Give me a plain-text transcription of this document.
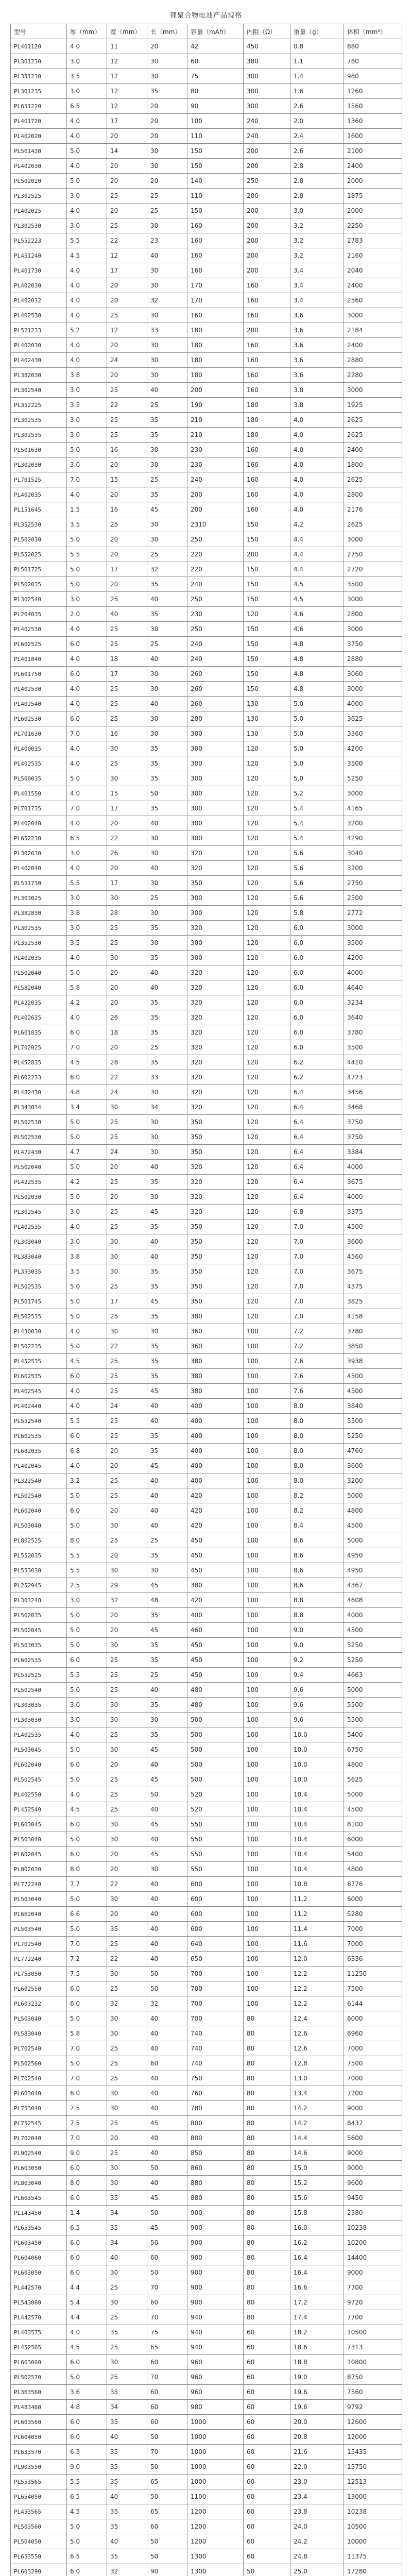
锂聚合物电池产品规格
型号	厚（mm）	宽（mm）	长（mm）	容量（mAh）	内阻（Ω）	重量（g）	体积（mm³）
PL401120	4.0	11	20	42	450	0.8	880
PL301230	3.0	12	30	60	380	1.1	780
PL351230	3.5	12	30	75	300	1.4	980
PL301235	3.0	12	35	80	300	1.6	1260
PL651220	6.5	12	20	90	300	2.6	1560
PL401720	4.0	17	20	100	240	2.0	1360
PL402020	4.0	20	20	110	240	2.4	1600
PL501430	5.0	14	30	150	200	2.6	2100
PL402030	4.0	20	30	150	200	2.8	2400
PL502020	5.0	20	20	140	250	2.8	2000
PL302525	3.0	25	25	110	200	2.8	1875
PL402025	4.0	20	25	150	200	3.0	2000
PL302530	3.0	25	30	160	200	3.2	2250
PL552223	5.5	22	23	160	200	3.2	2783
PL451240	4.5	12	40	160	200	3.2	2160
PL401730	4.0	17	30	160	200	3.4	2040
PL402030	4.0	20	30	170	160	3.4	2400
PL402032	4.0	20	32	170	160	3.4	2560
PL402530	4.0	25	30	160	160	3.6	3000
PL521233	5.2	12	33	180	200	3.6	2184
PL402030	4.0	20	30	180	160	3.6	2400
PL402430	4.0	24	30	180	160	3.6	2880
PL382030	3.8	20	30	180	160	3.6	2280
PL302540	3.0	25	40	200	160	3.8	3000
PL352225	3.5	22	25	190	180	3.8	1925
PL302535	3.0	25	35	210	180	4.0	2625
PL302535	3.0	25	35	210	180	4.0	2625
PL501630	5.0	16	30	230	160	4.0	2400
PL302030	3.0	20	30	230	160	4.0	1800
PL701525	7.0	15	25	240	160	4.0	2625
PL402035	4.0	20	35	200	160	4.0	2800
PL151645	1.5	16	45	200	160	4.0	2176
PL352530	3.5	25	30	2310	150	4.2	2625
PL502030	5.0	20	30	250	150	4.4	3000
PL552025	5.5	20	25	220	200	4.4	2750
PL501725	5.0	17	32	220	150	4.4	2720
PL502035	5.0	20	35	240	150	4.5	3500
PL302540	3.0	25	40	250	150	4.5	3000
PL204035	2.0	40	35	230	120	4.6	2800
PL402530	4.0	25	30	250	150	4.6	3000
PL602525	6.0	25	25	240	150	4.8	3750
PL401840	4.0	18	40	240	150	4.8	2880
PL601750	6.0	17	30	260	150	4.8	3060
PL402530	4.0	25	30	260	150	4.8	3000
PL402540	4.0	25	40	260	130	5.0	4000
PL602530	6.0	25	30	280	130	5.0	3625
PL701630	7.0	16	30	300	130	5.0	3360
PL400035	4.0	30	35	300	120	5.0	4200
PL402535	4.0	25	35	300	120	5.0	3500
PL500035	5.0	30	35	300	120	5.0	5250
PL401550	4.0	15	50	300	120	5.2	3000
PL701735	7.0	17	35	300	120	5.4	4165
PL402040	4.0	20	40	300	120	5.4	3200
PL652230	6.5	22	30	300	120	5.4	4290
PL302630	3.0	26	30	320	120	5.6	3040
PL402040	4.0	20	40	320	120	5.6	3200
PL551730	5.5	17	30	350	120	5.6	2750
PL303025	3.0	30	25	300	120	5.6	2500
PL382830	3.8	28	30	300	120	5.8	2772
PL302535	3.0	25	35	320	120	6.0	3000
PL352530	3.5	25	30	300	120	6.0	3500
PL402035	4.0	30	35	300	120	6.0	4200
PL502040	5.0	20	40	320	120	6.0	4000
PL582040	5.8	20	40	320	120	6.0	4640
PL422035	4.2	20	35	320	120	6.0	3234
PL402635	4.0	26	35	320	120	6.0	3640
PL601835	6.0	18	35	320	120	6.0	3780
PL702025	7.0	20	25	320	120	6.0	3500
PL452835	4.5	28	35	320	120	6.2	4410
PL602233	6.0	22	33	320	120	6.2	4723
PL482430	4.8	24	30	320	120	6.4	3456
PL343034	3.4	30	34	320	120	6.4	3468
PL502530	5.0	25	30	350	120	6.4	3750
PL502530	5.0	25	30	350	120	6.4	3750
PL472430	4.7	24	30	350	120	6.4	3384
PL502040	5.0	20	40	320	120	6.4	4000
PL422535	4.2	25	35	320	120	6.4	3675
PL502030	5.0	20	30	320	120	6.4	4000
PL302545	3.0	25	45	320	120	6.8	3375
PL402535	4.0	25	35	350	120	7.0	4500
PL303040	3.0	30	40	350	120	7.0	3600
PL383040	3.8	30	40	350	120	7.0	4560
PL353035	3.5	30	35	350	120	7.0	3675
PL502535	5.0	25	35	350	120	7.0	4375
PL501745	5.0	17	45	350	120	7.0	3825
PL502535	5.0	25	35	380	120	7.0	4158
PL430030	4.0	30	30	360	100	7.2	3780
PL502235	5.0	22	35	360	100	7.2	3850
PL452535	4.5	25	35	380	100	7.6	3938
PL602535	6.0	25	35	380	100	7.6	4500
PL402545	4.0	25	45	380	100	7.6	4500
PL402440	4.0	24	40	400	100	8.0	3840
PL552540	5.5	25	40	400	100	8.0	5500
PL602535	6.0	25	35	400	100	8.0	5250
PL682035	6.8	20	35	400	100	8.0	4760
PL402045	4.0	20	45	400	100	8.0	3600
PL322540	3.2	25	40	400	100	8.0	3200
PL502540	5.0	25	40	420	100	8.2	5000
PL602040	6.0	20	40	420	100	8.2	4800
PL503040	5.0	30	40	420	100	8.4	4500
PL802525	8.0	25	25	450	100	8.6	5000
PL552035	5.5	20	35	450	100	8.6	4950
PL553030	5.5	30	30	450	100	8.6	4950
PL252945	2.5	29	45	380	100	8.6	4367
PL303248	3.0	32	48	420	100	8.8	4608
PL502035	5.0	20	35	400	100	8.8	4000
PL502045	5.0	20	45	460	100	9.0	4500
PL503035	5.0	30	35	450	100	9.0	5250
PL602535	6.0	25	35	450	100	9.2	5250
PL552525	5.5	25	25	450	100	9.4	4663
PL502540	5.0	25	40	480	100	9.6	5000
PL303035	3.0	30	35	480	100	9.6	5500
PL303030	3.0	30	30	500	100	9.6	5500
PL402535	4.0	25	35	500	100	10.0	5400
PL503045	5.0	30	45	500	100	10.0	6750
PL602040	6.0	20	40	500	100	10.0	4800
PL502545	5.0	25	45	500	100	10.0	5625
PL402550	4.0	25	50	520	100	10.4	5000
PL452540	4.5	25	40	520	100	10.4	4500
PL603045	6.0	30	45	550	100	10.4	8100
PL503040	5.0	30	40	550	100	10.4	6000
PL602045	6.0	20	45	550	100	10.4	5400
PL802030	8.0	20	30	550	100	10.4	4800
PL772240	7.7	22	40	600	100	10.8	6776
PL503040	5.0	30	40	600	100	11.2	6000
PL662040	6.6	20	40	600	100	11.2	5280
PL503540	5.0	35	40	600	100	11.4	7000
PL702540	7.0	25	40	640	100	11.6	7000
PL772240	7.2	22	40	650	100	12.0	6336
PL753050	7.5	30	50	700	100	12.2	11250
PL602550	6.0	25	50	700	100	12.2	7500
PL603232	6.0	32	32	700	100	12.2	6144
PL503040	5.0	30	40	700	80	12.4	6000
PL583040	5.8	30	40	740	80	12.6	6960
PL702540	7.0	25	40	740	80	12.6	7000
PL502560	5.0	25	60	740	80	12.8	7500
PL702540	7.0	25	40	750	80	13.0	7000
PL603040	6.0	30	40	760	80	13.4	7200
PL753040	7.5	30	40	780	80	14.2	9000
PL752545	7.5	25	45	800	80	14.2	8437
PL702040	7.0	20	40	800	80	14.4	5600
PL902540	9.0	25	40	850	80	14.6	9000
PL603050	6.0	30	50	860	80	15.0	9000
PL803040	8.0	30	40	880	80	15.2	9600
PL603545	6.0	35	45	880	80	15.6	9450
PL143450	1.4	34	50	900	80	15.8	2380
PL653545	6.5	35	45	900	80	16.0	10238
PL603450	6.0	34	50	900	80	16.2	10200
PL604060	6.0	40	60	900	80	16.4	14400
PL603050	6.0	30	50	900	80	16.4	9000
PL442570	4.4	25	70	900	80	16.6	7700
PL543060	5.4	30	60	900	80	17.2	9720
PL442570	4.4	25	70	940	80	17.4	7700
PL403575	4.0	35	75	940	60	18.2	10500
PL452565	4.5	25	65	940	60	18.6	7313
PL603060	6.0	30	60	960	60	18.8	10800
PL502570	5.0	25	70	960	60	19.0	8750
PL363560	3.6	35	60	960	60	19.6	7560
PL483460	4.8	34	60	980	60	19.6	9792
PL603560	6.0	35	60	1000	60	20.0	12600
PL604050	6.0	40	50	1000	60	20.8	12000
PL633570	6.3	35	70	1000	60	21.6	15435
PL903550	9.0	35	50	1000	60	22.0	15750
PL553565	5.5	35	65	1000	60	23.0	12513
PL654050	6.5	40	50	1100	60	23.4	13000
PL453565	4.5	35	65	1200	60	23.8	10238
PL503560	5.0	35	60	1200	60	24.0	10500
PL504050	5.0	40	50	1200	60	24.2	10000
PL653550	6.5	35	50	1300	60	24.8	11375
PL603290	6.0	32	90	1300	50	25.0	17280
